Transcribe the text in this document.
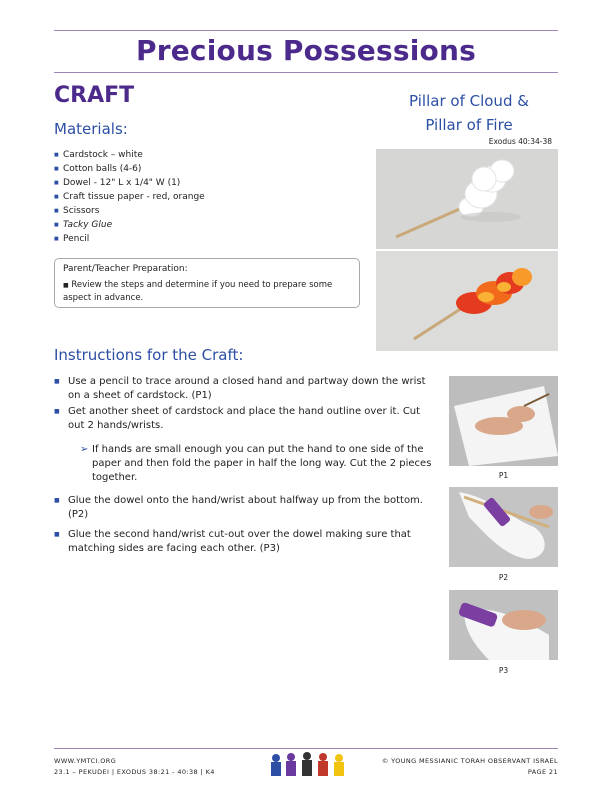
Precious Possessions
CRAFT
Materials:
■ Cardstock – white
■ Cotton balls (4-6)
■ Dowel - 12" L x 1/4" W (1)
■ Craft tissue paper - red, orange
■ Scissors
■ Tacky Glue
■ Pencil
Parent/Teacher Preparation:
■ Review the steps and determine if you need to prepare some aspect in advance.
Pillar of Cloud &
Pillar of Fire
Exodus 40:34-38
Instructions for the Craft:
■ Use a pencil to trace around a closed hand and partway down the wrist on a sheet of cardstock. (P1)
■ Get another sheet of cardstock and place the hand outline over it. Cut out 2 hands/wrists.
➢ If hands are small enough you can put the hand to one side of the paper and then fold the paper in half the long way. Cut the 2 pieces together.
■ Glue the dowel onto the hand/wrist about halfway up from the bottom. (P2)
■ Glue the second hand/wrist cut-out over the dowel making sure that matching sides are facing each other. (P3)
P1
P2
P3
WWW.YMTCI.ORG
23.1 – PEKUDEI | EXODUS 38:21 - 40:38 | K4
© YOUNG MESSIANIC TORAH OBSERVANT ISRAEL
PAGE 21
